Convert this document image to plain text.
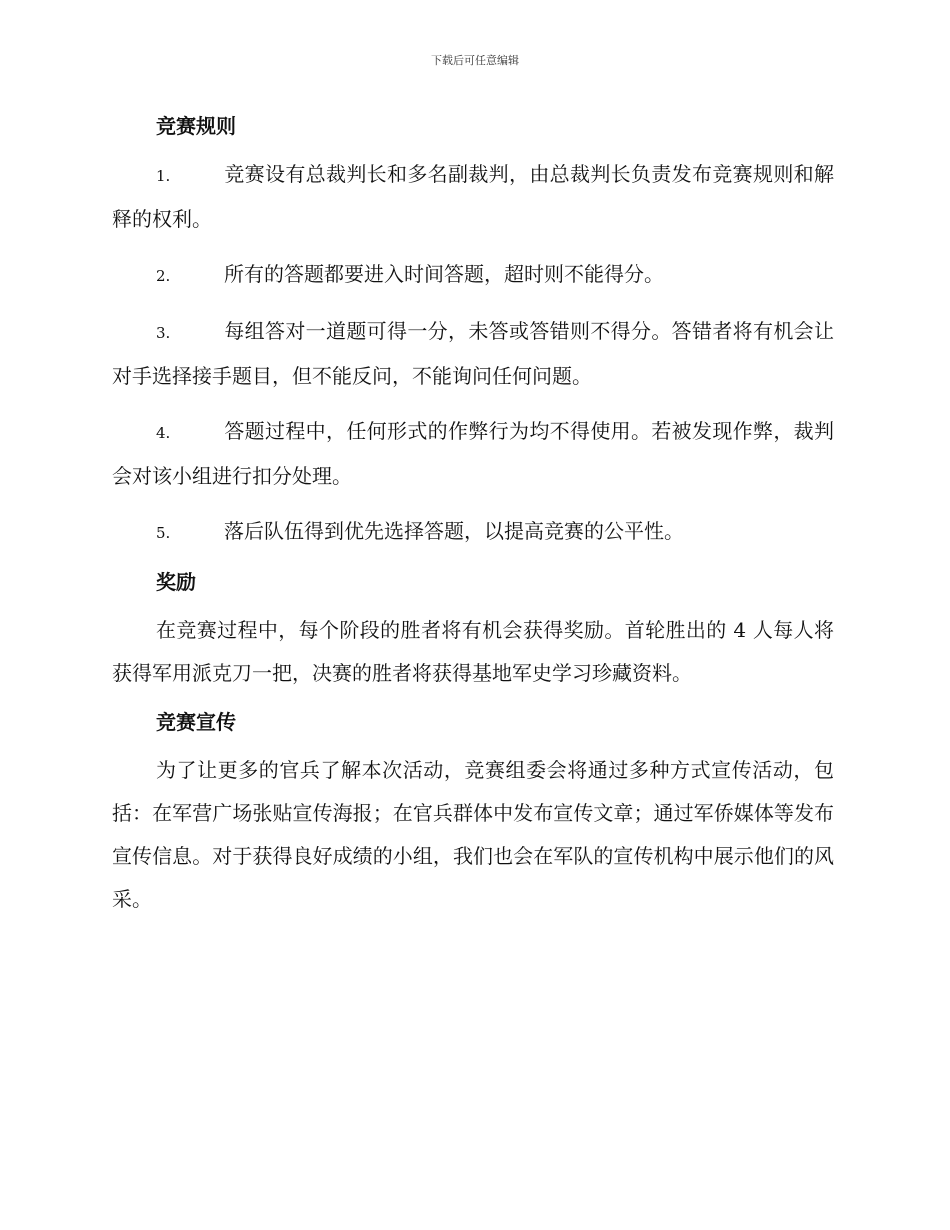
下载后可任意编辑

竞赛规则

1.	竞赛设有总裁判长和多名副裁判，由总裁判长负责发布竞赛规则和解释的权利。

2.	所有的答题都要进入时间答题，超时则不能得分。

3.	每组答对一道题可得一分，未答或答错则不得分。答错者将有机会让对手选择接手题目，但不能反问，不能询问任何问题。

4.	答题过程中，任何形式的作弊行为均不得使用。若被发现作弊，裁判会对该小组进行扣分处理。

5.	落后队伍得到优先选择答题，以提高竞赛的公平性。

奖励

在竞赛过程中，每个阶段的胜者将有机会获得奖励。首轮胜出的 4 人每人将获得军用派克刀一把，决赛的胜者将获得基地军史学习珍藏资料。

竞赛宣传

为了让更多的官兵了解本次活动，竞赛组委会将通过多种方式宣传活动，包括：在军营广场张贴宣传海报；在官兵群体中发布宣传文章；通过军侨媒体等发布宣传信息。对于获得良好成绩的小组，我们也会在军队的宣传机构中展示他们的风采。
